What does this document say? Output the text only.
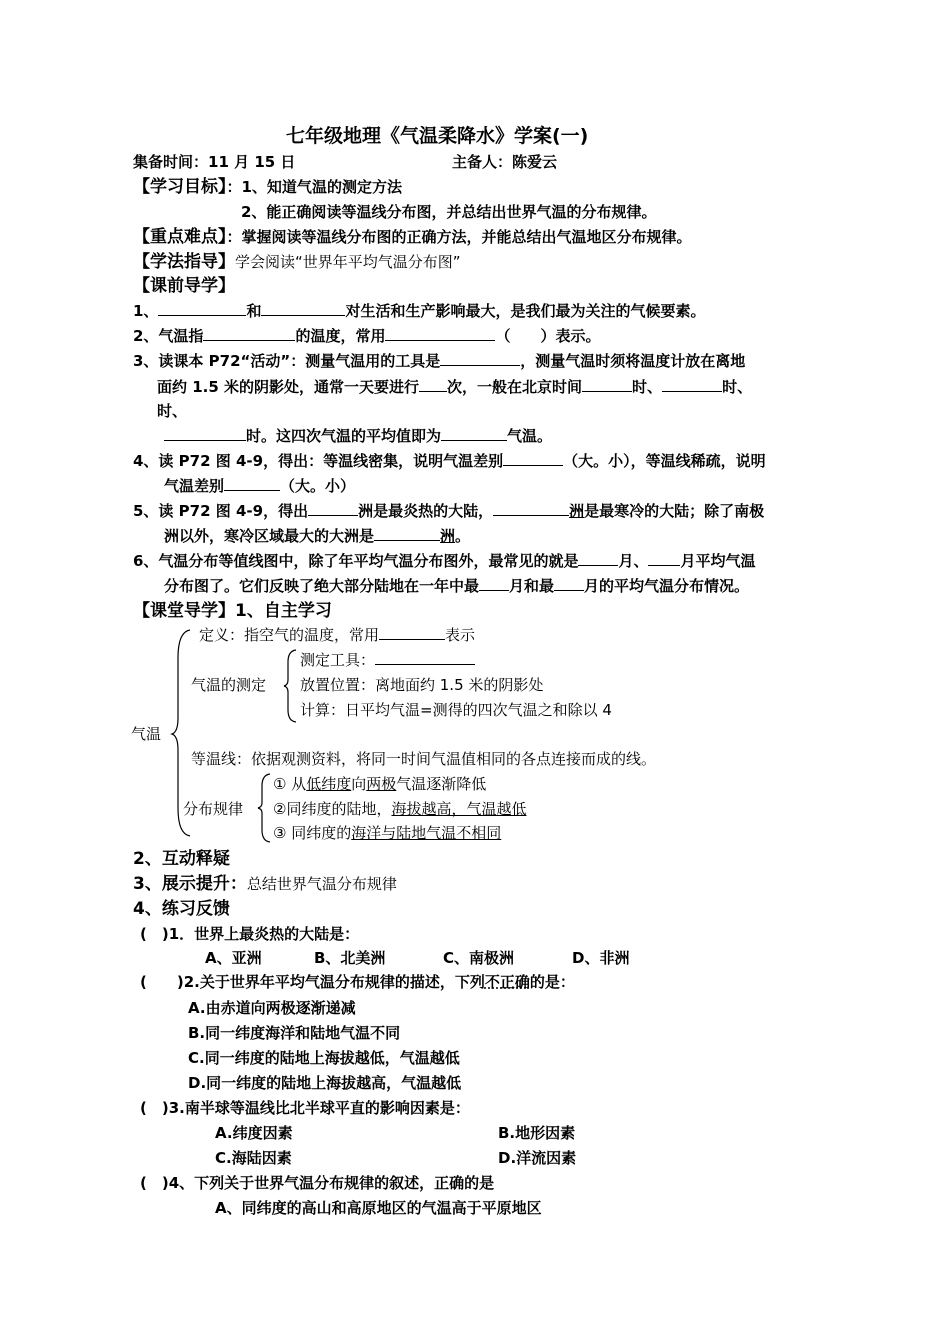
七年级地理《气温柔降水》学案(一)
集备时间：11 月 15 日	主备人：陈爱云
【学习目标】：1、知道气温的测定方法
2、能正确阅读等温线分布图，并总结出世界气温的分布规律。
【重点难点】：掌握阅读等温线分布图的正确方法，并能总结出气温地区分布规律。
【学法指导】学会阅读“世界年平均气温分布图”
【课前导学】
1、	和	对生活和生产影响最大，是我们最为关注的气候要素。
2、气温指	的温度，常用	（　　）表示。
3、读课本 P72“活动”：测量气温用的工具是	，测量气温时须将温度计放在离地
面约 1.5 米的阴影处，通常一天要进行 次，一般在北京时间	时、	时、
时、
时。这四次气温的平均值即为	气温。
4、读 P72 图 4-9，得出：等温线密集，说明气温差别	（大。小），等温线稀疏，说明
气温差别	（大。小）
5、读 P72 图 4-9，得出	洲是最炎热的大陆，	洲是最寒冷的大陆；除了南极
洲以外，寒冷区域最大的大洲是	洲。
6、气温分布等值线图中，除了年平均气温分布图外，最常见的就是	月、 月平均气温
分布图了。它们反映了绝大部分陆地在一年中最 月和最 月的平均气温分布情况。
【课堂导学】1、自主学习
气温
定义：指空气的温度，常用	表示
气温的测定
测定工具：
放置位置：离地面约 1.5 米的阴影处
计算：日平均气温=测得的四次气温之和除以 4
等温线：依据观测资料，将同一时间气温值相同的各点连接而成的线。
分布规律
① 从低纬度向两极气温逐渐降低
②同纬度的陆地，海拔越高，气温越低
③ 同纬度的海洋与陆地气温不相同
2、互动释疑
3、展示提升：总结世界气温分布规律
4、练习反馈
(　)1．世界上最炎热的大陆是：
A、亚洲	B、北美洲	C、南极洲	D、非洲
(　　)2.关于世界年平均气温分布规律的描述，下列不正确的是：
A.由赤道向两极逐渐递减
B.同一纬度海洋和陆地气温不同
C.同一纬度的陆地上海拔越低，气温越低
D.同一纬度的陆地上海拔越高，气温越低
(　)3.南半球等温线比北半球平直的影响因素是：
A.纬度因素	B.地形因素
C.海陆因素	D.洋流因素
(　)4、下列关于世界气温分布规律的叙述，正确的是
A、同纬度的高山和高原地区的气温高于平原地区
